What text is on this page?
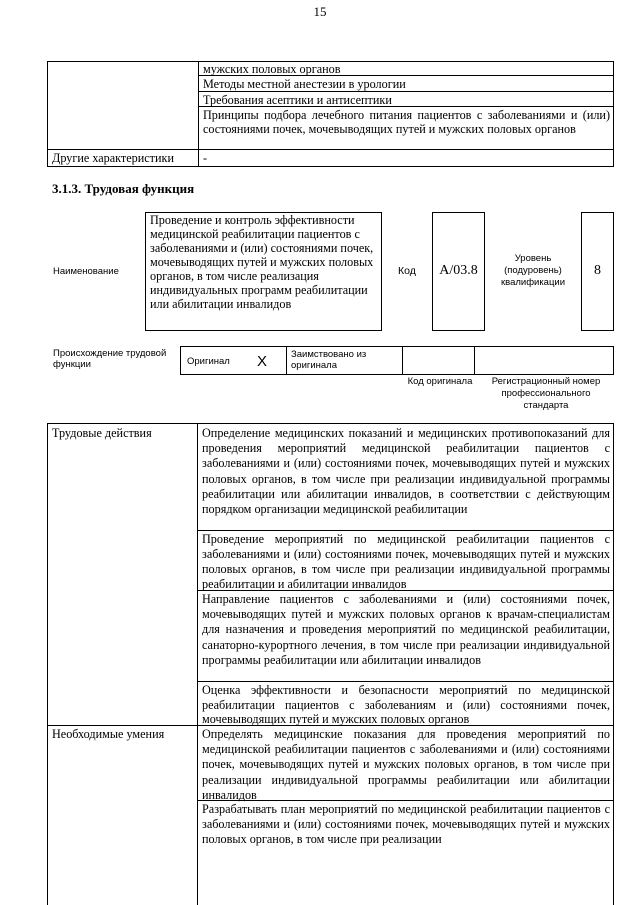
15
мужских половых органов
Методы местной анестезии в урологии
Требования асептики и антисептики
Принципы подбора лечебного питания пациентов с заболеваниями и (или) состояниями почек, мочевыводящих путей и мужских половых органов
Другие характеристики	-
3.1.3. Трудовая функция
Наименование
Проведение и контроль эффективности медицинской реабилитации пациентов с заболеваниями и (или) состояниями почек, мочевыводящих путей и мужских половых органов, в том числе реализация индивидуальных программ реабилитации или абилитации инвалидов
Код	A/03.8
Уровень (подуровень) квалификации
8
Происхождение трудовой функции	Оригинал X	Заимствовано из оригинала
Код оригинала	Регистрационный номер профессионального стандарта
Трудовые действия	Определение медицинских показаний и медицинских противопоказаний для проведения мероприятий медицинской реабилитации пациентов с заболеваниями и (или) состояниями почек, мочевыводящих путей и мужских половых органов, в том числе при реализации индивидуальной программы реабилитации или абилитации инвалидов, в соответствии с действующим порядком организации медицинской реабилитации
Проведение мероприятий по медицинской реабилитации пациентов с заболеваниями и (или) состояниями почек, мочевыводящих путей и мужских половых органов, в том числе при реализации индивидуальной программы реабилитации и абилитации инвалидов
Направление пациентов с заболеваниями и (или) состояниями почек, мочевыводящих путей и мужских половых органов к врачам-специалистам для назначения и проведения мероприятий по медицинской реабилитации, санаторно-курортного лечения, в том числе при реализации индивидуальной программы реабилитации или абилитации инвалидов
Оценка эффективности и безопасности мероприятий по медицинской реабилитации пациентов с заболеваниям и (или) состояниями почек, мочевыводящих путей и мужских половых органов
Необходимые умения	Определять медицинские показания для проведения мероприятий по медицинской реабилитации пациентов с заболеваниями и (или) состояниями почек, мочевыводящих путей и мужских половых органов, в том числе при реализации индивидуальной программы реабилитации или абилитации инвалидов
Разрабатывать план мероприятий по медицинской реабилитации пациентов с заболеваниями и (или) состояниями почек, мочевыводящих путей и мужских половых органов, в том числе при реализации
